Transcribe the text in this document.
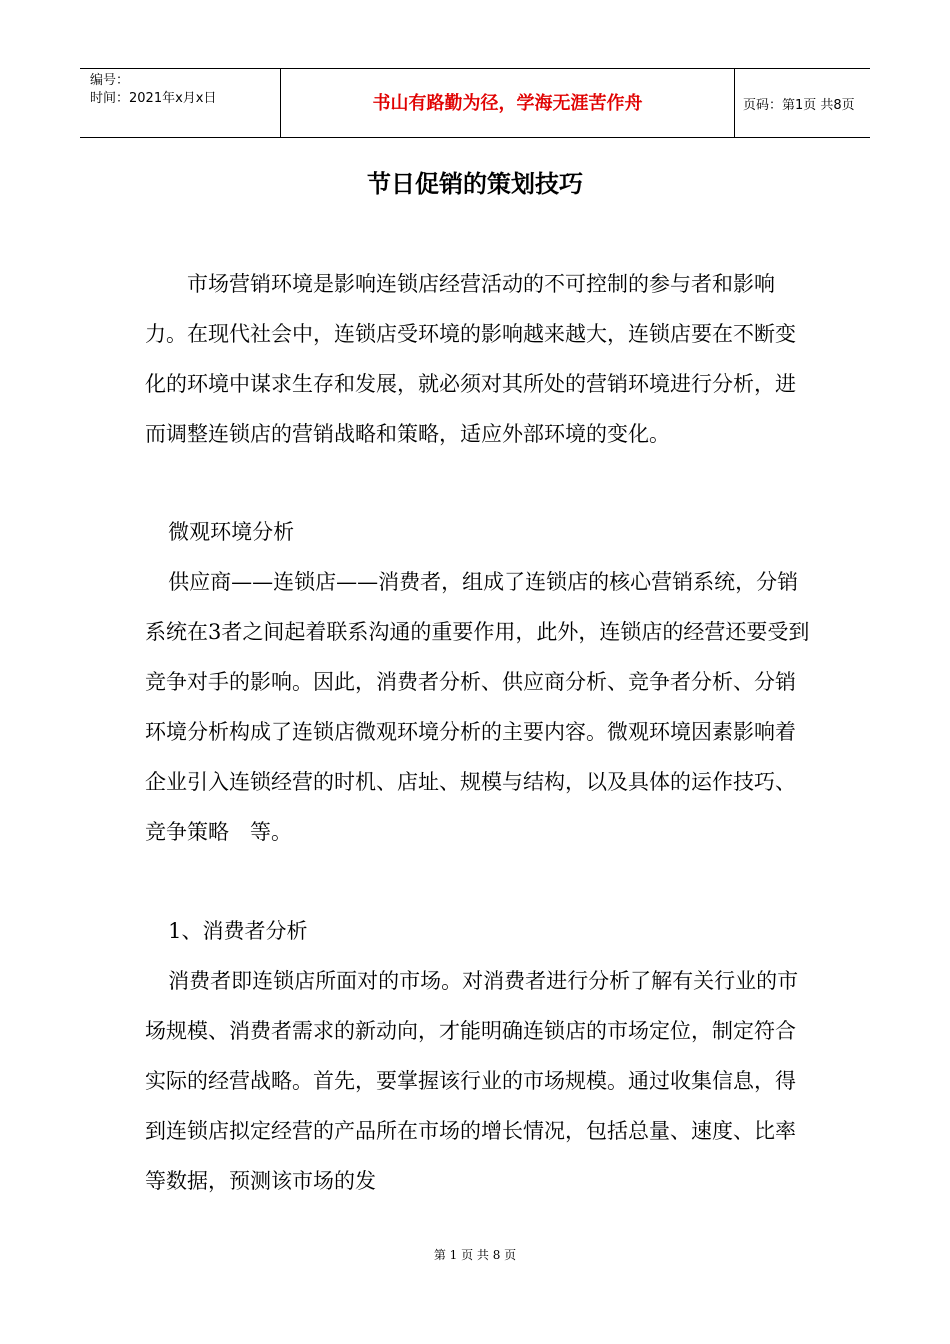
编号：
时间：2021年x月x日	书山有路勤为径，学海无涯苦作舟	页码：第1页 共8页
节日促销的策划技巧

市场营销环境是影响连锁店经营活动的不可控制的参与者和影响力。在现代社会中，连锁店受环境的影响越来越大，连锁店要在不断变化的环境中谋求生存和发展，就必须对其所处的营销环境进行分析，进而调整连锁店的营销战略和策略，适应外部环境的变化。

微观环境分析

供应商——连锁店——消费者，组成了连锁店的核心营销系统，分销系统在3者之间起着联系沟通的重要作用，此外，连锁店的经营还要受到竞争对手的影响。因此，消费者分析、供应商分析、竞争者分析、分销环境分析构成了连锁店微观环境分析的主要内容。微观环境因素影响着企业引入连锁经营的时机、店址、规模与结构，以及具体的运作技巧、竞争策略　等。

1、消费者分析

消费者即连锁店所面对的市场。对消费者进行分析了解有关行业的市场规模、消费者需求的新动向，才能明确连锁店的市场定位，制定符合实际的经营战略。首先，要掌握该行业的市场规模。通过收集信息，得到连锁店拟定经营的产品所在市场的增长情况，包括总量、速度、比率等数据，预测该市场的发

第 1 页 共 8 页
